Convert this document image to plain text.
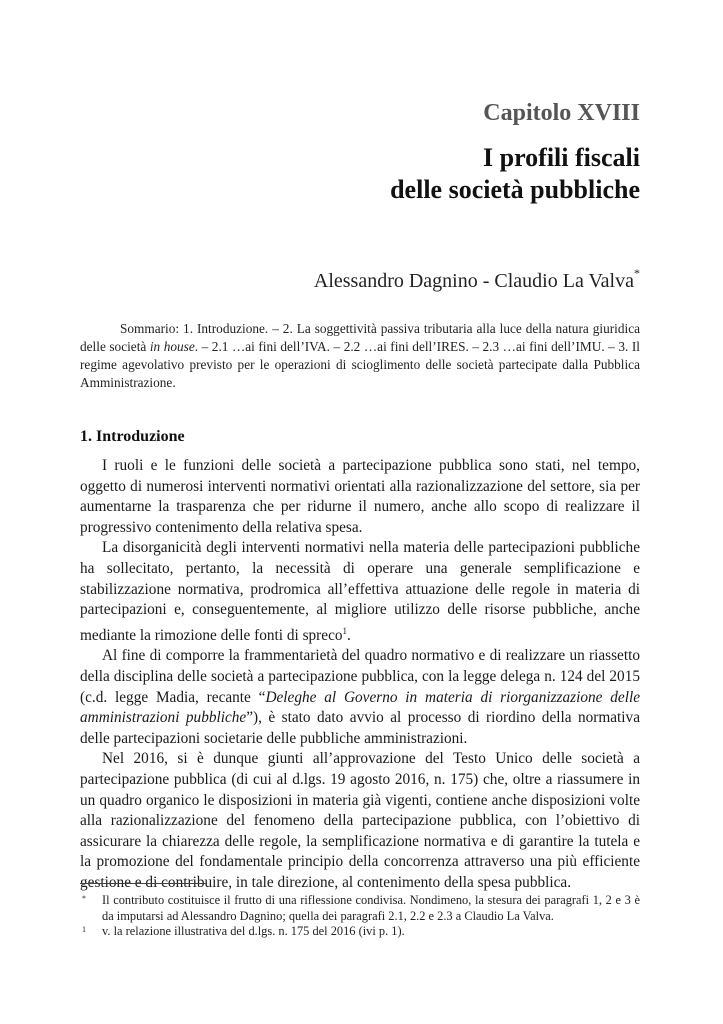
Capitolo XVIII
I profili fiscali
delle società pubbliche
Alessandro Dagnino - Claudio La Valva*
Sommario: 1. Introduzione. – 2. La soggettività passiva tributaria alla luce della natura giuridica delle società in house. – 2.1 …ai fini dell’IVA. – 2.2 …ai fini dell’IRES. – 2.3 …ai fini dell’IMU. – 3. Il regime agevolativo previsto per le operazioni di scioglimento delle società partecipate dalla Pubblica Amministrazione.
1. Introduzione

I ruoli e le funzioni delle società a partecipazione pubblica sono stati, nel tempo, oggetto di numerosi interventi normativi orientati alla razionalizzazione del settore, sia per aumentarne la trasparenza che per ridurne il numero, anche allo scopo di realizzare il progressivo contenimento della relativa spesa.

La disorganicità degli interventi normativi nella materia delle partecipazioni pubbliche ha sollecitato, pertanto, la necessità di operare una generale semplificazione e stabilizzazione normativa, prodromica all’effettiva attuazione delle regole in materia di partecipazioni e, conseguentemente, al migliore utilizzo delle risorse pubbliche, anche mediante la rimozione delle fonti di spreco$^1$.

Al fine di comporre la frammentarietà del quadro normativo e di realizzare un riassetto della disciplina delle società a partecipazione pubblica, con la legge delega n. 124 del 2015 (c.d. legge Madia, recante “Deleghe al Governo in materia di riorganizzazione delle amministrazioni pubbliche”), è stato dato avvio al processo di riordino della normativa delle partecipazioni societarie delle pubbliche amministrazioni.

Nel 2016, si è dunque giunti all’approvazione del Testo Unico delle società a partecipazione pubblica (di cui al d.lgs. 19 agosto 2016, n. 175) che, oltre a riassumere in un quadro organico le disposizioni in materia già vigenti, contiene anche disposizioni volte alla razionalizzazione del fenomeno della partecipazione pubblica, con l’obiettivo di assicurare la chiarezza delle regole, la semplificazione normativa e di garantire la tutela e la promozione del fondamentale principio della concorrenza attraverso una più efficiente gestione e di contribuire, in tale direzione, al contenimento della spesa pubblica.

* Il contributo costituisce il frutto di una riflessione condivisa. Nondimeno, la stesura dei paragrafi 1, 2 e 3 è da imputarsi ad Alessandro Dagnino; quella dei paragrafi 2.1, 2.2 e 2.3 a Claudio La Valva.
1 v. la relazione illustrativa del d.lgs. n. 175 del 2016 (ivi p. 1).
